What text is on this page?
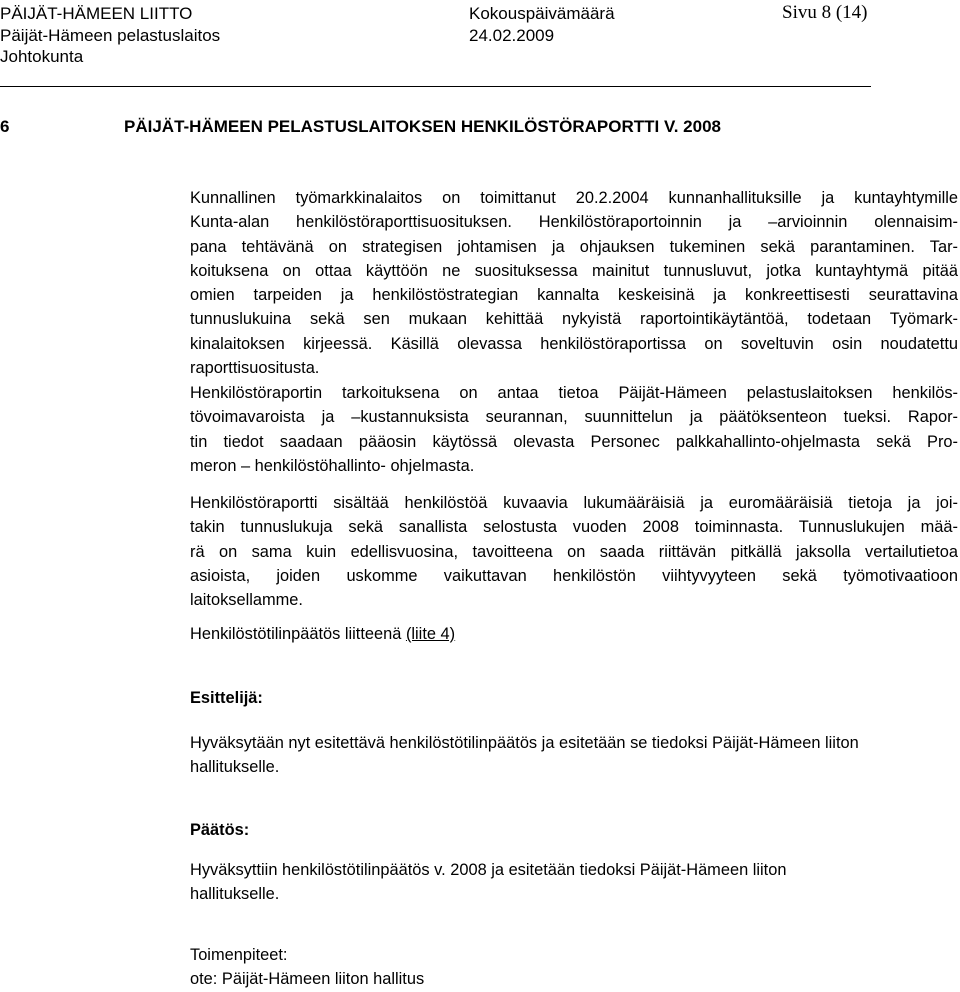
PÄIJÄT-HÄMEEN LIITTO
Päijät-Hämeen pelastuslaitos
Johtokunta
Kokouspäivämäärä
24.02.2009
Sivu 8 (14)
6	PÄIJÄT-HÄMEEN PELASTUSLAITOKSEN HENKILÖSTÖRAPORTTI V. 2008
Kunnallinen työmarkkinalaitos on toimittanut 20.2.2004 kunnanhallituksille ja kuntayhtymille
Kunta-alan henkilöstöraporttisuosituksen. Henkilöstöraportoinnin ja –arvioinnin olennaisim-
pana tehtävänä on strategisen johtamisen ja ohjauksen tukeminen sekä parantaminen. Tar-
koituksena on ottaa käyttöön ne suosituksessa mainitut tunnusluvut, jotka kuntayhtymä pitää
omien tarpeiden ja henkilöstöstrategian kannalta keskeisinä ja konkreettisesti seurattavina
tunnuslukuina sekä sen mukaan kehittää nykyistä raportointikäytäntöä, todetaan Työmark-
kinalaitoksen kirjeessä. Käsillä olevassa henkilöstöraportissa on soveltuvin osin noudatettu
raporttisuositusta.
Henkilöstöraportin tarkoituksena on antaa tietoa Päijät-Hämeen pelastuslaitoksen henkilös-
tövoimavaroista ja –kustannuksista seurannan, suunnittelun ja päätöksenteon tueksi. Rapor-
tin tiedot saadaan pääosin käytössä olevasta Personec palkkahallinto-ohjelmasta sekä Pro-
meron – henkilöstöhallinto- ohjelmasta.
Henkilöstöraportti sisältää henkilöstöä kuvaavia lukumääräisiä ja euromääräisiä tietoja ja joi-
takin tunnuslukuja sekä sanallista selostusta vuoden 2008 toiminnasta. Tunnuslukujen mää-
rä on sama kuin edellisvuosina, tavoitteena on saada riittävän pitkällä jaksolla vertailutietoa
asioista, joiden uskomme vaikuttavan henkilöstön viihtyvyyteen sekä työmotivaatioon
laitoksellamme.
Henkilöstötilinpäätös liitteenä (liite 4)
Esittelijä:
Hyväksytään nyt esitettävä henkilöstötilinpäätös ja esitetään se tiedoksi Päijät-Hämeen liiton
hallitukselle.
Päätös:
Hyväksyttiin henkilöstötilinpäätös v. 2008 ja esitetään tiedoksi Päijät-Hämeen liiton
hallitukselle.
Toimenpiteet:
ote: Päijät-Hämeen liiton hallitus
